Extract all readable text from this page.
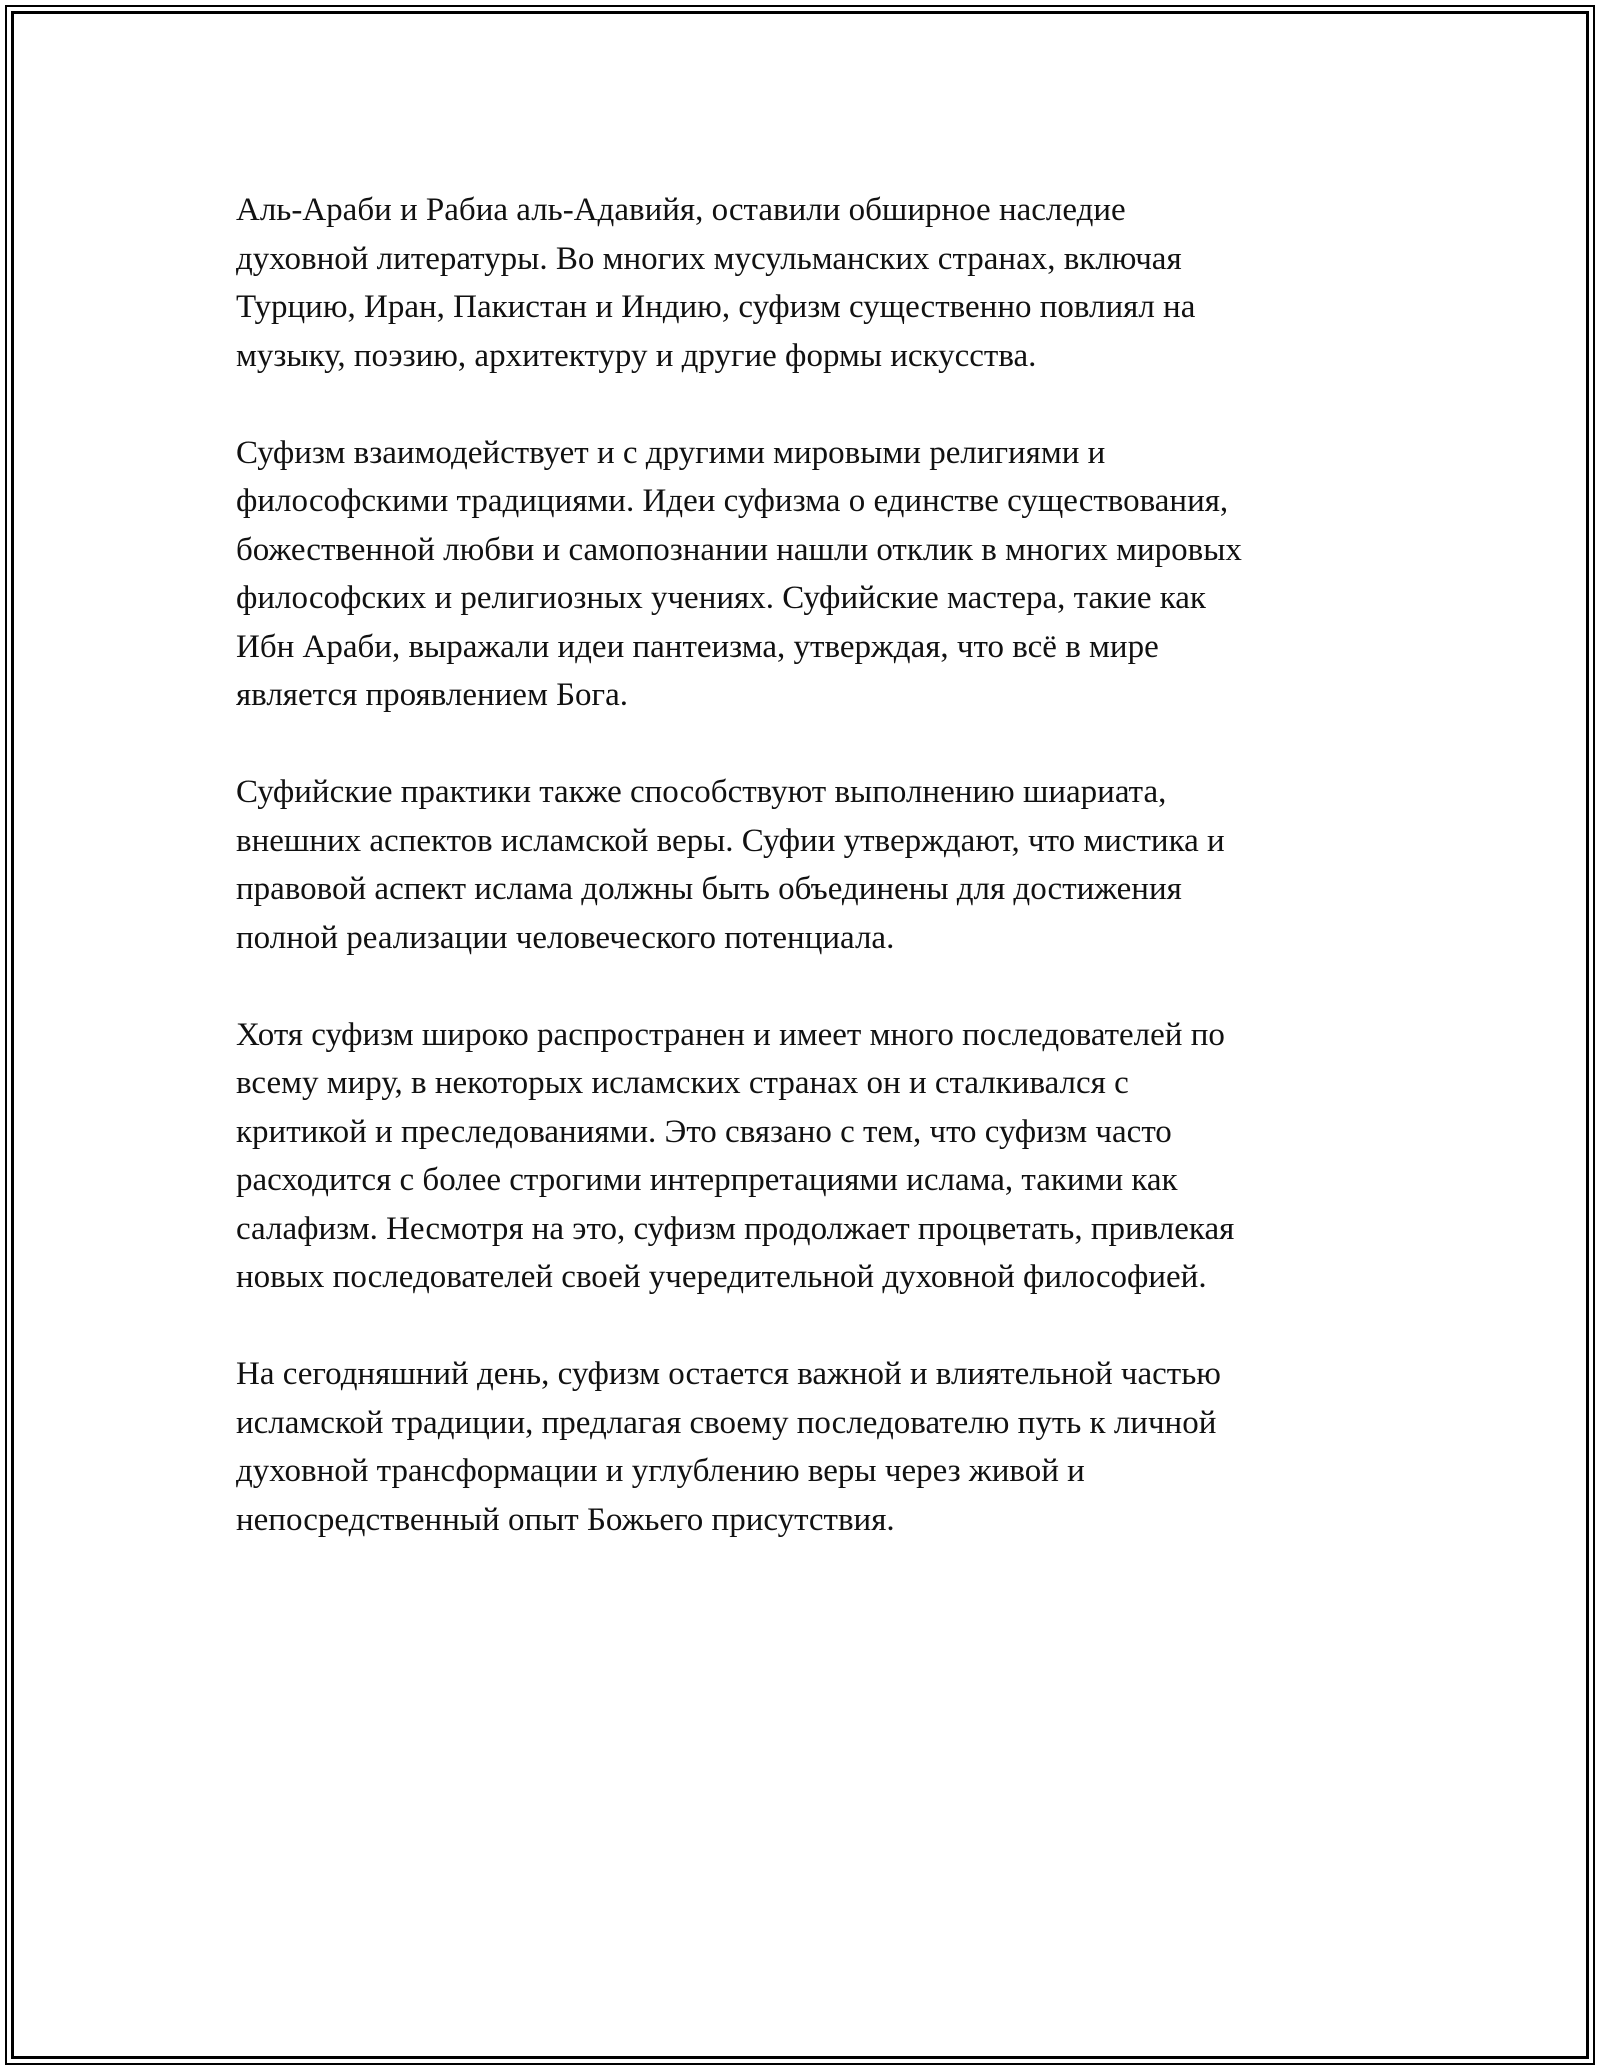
Аль-Араби и Рабиа аль-Адавийя, оставили обширное наследие
духовной литературы. Во многих мусульманских странах, включая
Турцию, Иран, Пакистан и Индию, суфизм существенно повлиял на
музыку, поэзию, архитектуру и другие формы искусства.

Суфизм взаимодействует и с другими мировыми религиями и
философскими традициями. Идеи суфизма о единстве существования,
божественной любви и самопознании нашли отклик в многих мировых
философских и религиозных учениях. Суфийские мастера, такие как
Ибн Араби, выражали идеи пантеизма, утверждая, что всё в мире
является проявлением Бога.

Суфийские практики также способствуют выполнению шиариата,
внешних аспектов исламской веры. Суфии утверждают, что мистика и
правовой аспект ислама должны быть объединены для достижения
полной реализации человеческого потенциала.

Хотя суфизм широко распространен и имеет много последователей по
всему миру, в некоторых исламских странах он и сталкивался с
критикой и преследованиями. Это связано с тем, что суфизм часто
расходится с более строгими интерпретациями ислама, такими как
салафизм. Несмотря на это, суфизм продолжает процветать, привлекая
новых последователей своей учередительной духовной философией.

На сегодняшний день, суфизм остается важной и влиятельной частью
исламской традиции, предлагая своему последователю путь к личной
духовной трансформации и углублению веры через живой и
непосредственный опыт Божьего присутствия.
